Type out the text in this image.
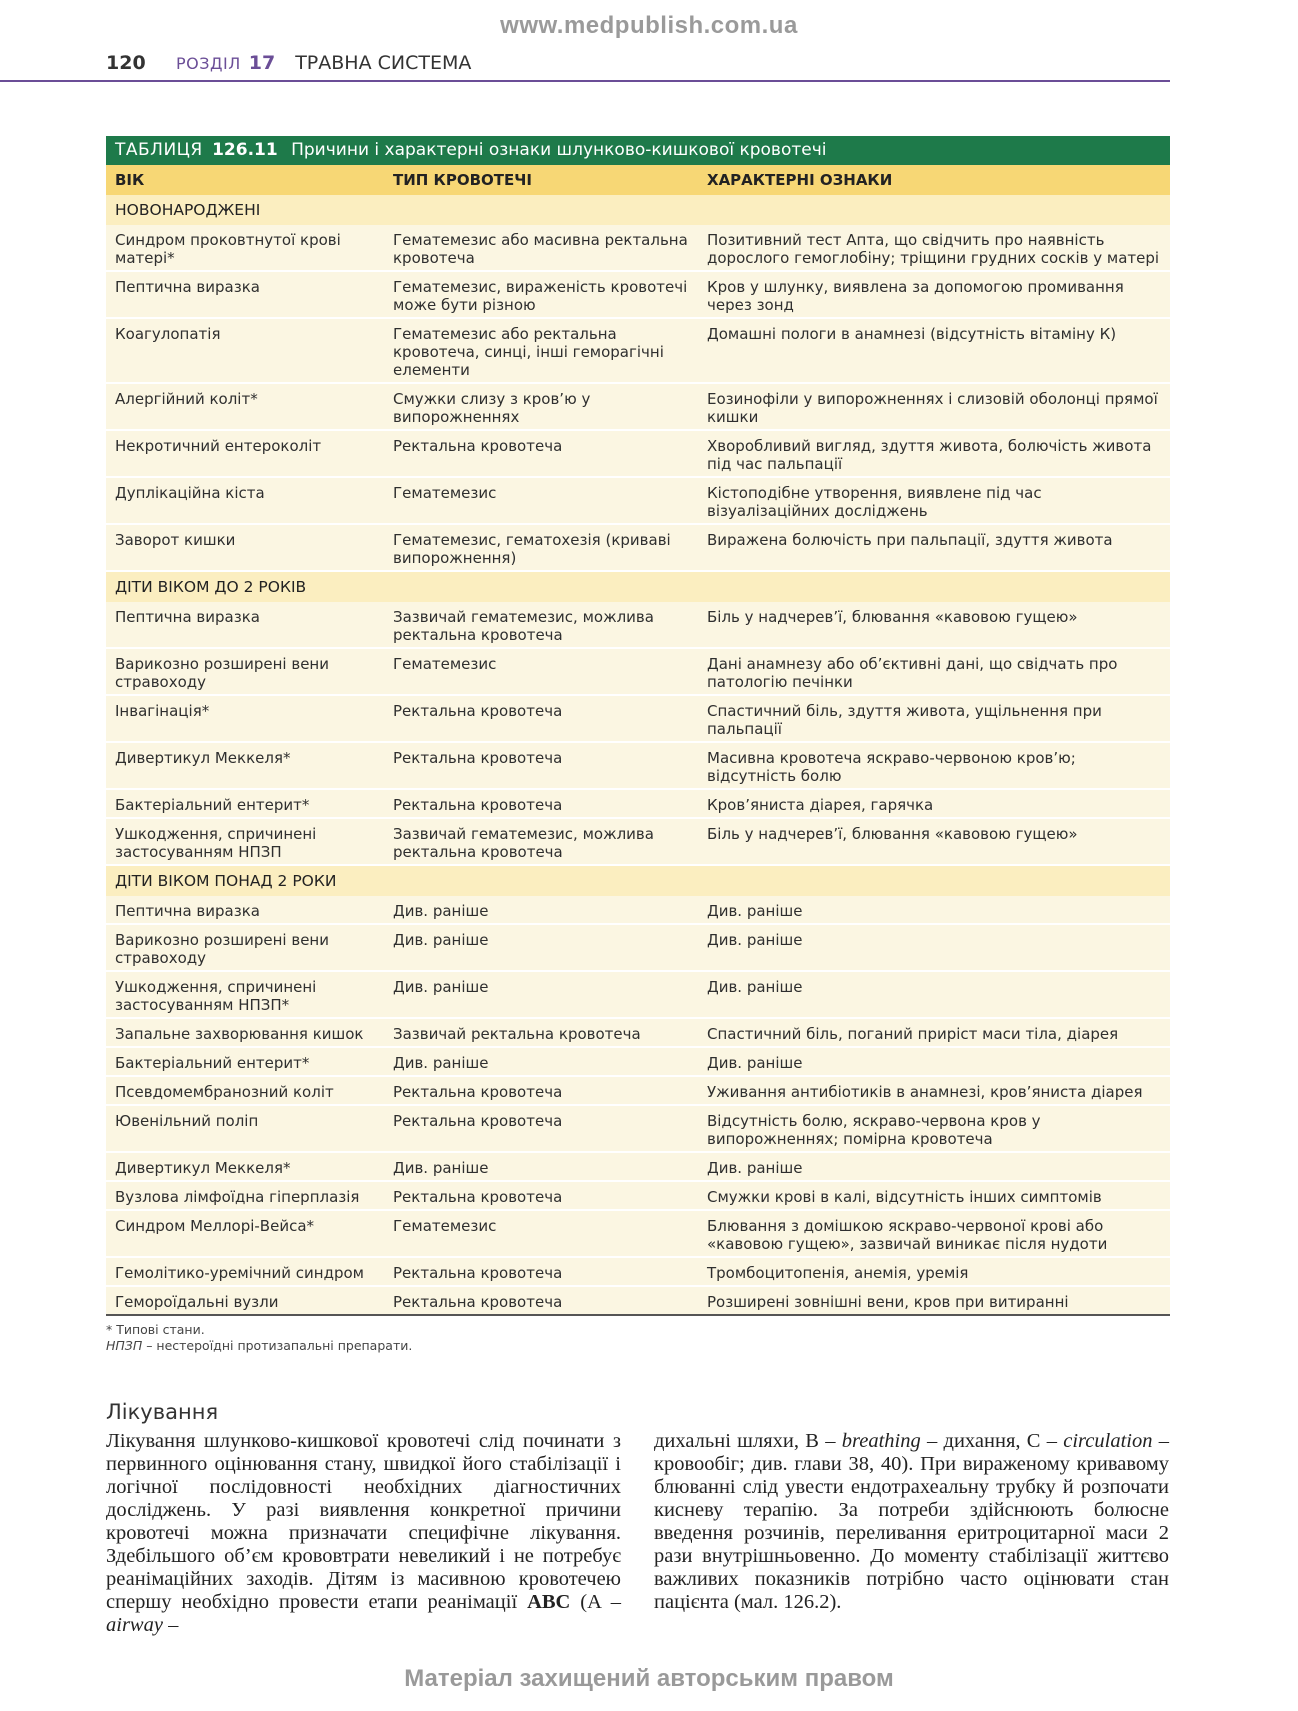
www.medpublish.com.ua
120	РОЗДІЛ 17 ТРАВНА СИСТЕМА
ТАБЛИЦЯ 126.11 Причини і характерні ознаки шлунково-кишкової кровотечі		
ВІК	ТИП КРОВОТЕЧІ	ХАРАКТЕРНІ ОЗНАКИ
НОВОНАРОДЖЕНІ		
Синдром проковтнутої крові матері*	Гематемезис або масивна ректальна кровотеча	Позитивний тест Апта, що свідчить про наявність дорослого гемоглобіну; тріщини грудних сосків у матері
Пептична виразка	Гематемезис, вираженість кровотечі може бути різною	Кров у шлунку, виявлена за допомогою промивання через зонд
Коагулопатія	Гематемезис або ректальна кровотеча, синці, інші геморагічні елементи	Домашні пологи в анамнезі (відсутність вітаміну К)
Алергійний коліт*	Смужки слизу з кров’ю у випорожненнях	Еозинофіли у випорожненнях і слизовій оболонці прямої кишки
Некротичний ентероколіт	Ректальна кровотеча	Хворобливий вигляд, здуття живота, болючість живота під час пальпації
Дуплікаційна кіста	Гематемезис	Кістоподібне утворення, виявлене під час візуалізаційних досліджень
Заворот кишки	Гематемезис, гематохезія (криваві випорожнення)	Виражена болючість при пальпації, здуття живота
ДІТИ ВІКОМ ДО 2 РОКІВ		
Пептична виразка	Зазвичай гематемезис, можлива ректальна кровотеча	Біль у надчерев’ї, блювання «кавовою гущею»
Варикозно розширені вени стравоходу	Гематемезис	Дані анамнезу або об’єктивні дані, що свідчать про патологію печінки
Інвагінація*	Ректальна кровотеча	Спастичний біль, здуття живота, ущільнення при пальпації
Дивертикул Меккеля*	Ректальна кровотеча	Масивна кровотеча яскраво-червоною кров’ю; відсутність болю
Бактеріальний ентерит*	Ректальна кровотеча	Кров’яниста діарея, гарячка
Ушкодження, спричинені застосуванням НПЗП	Зазвичай гематемезис, можлива ректальна кровотеча	Біль у надчерев’ї, блювання «кавовою гущею»
ДІТИ ВІКОМ ПОНАД 2 РОКИ		
Пептична виразка	Див. раніше	Див. раніше
Варикозно розширені вени стравоходу	Див. раніше	Див. раніше
Ушкодження, спричинені застосуванням НПЗП*	Див. раніше	Див. раніше
Запальне захворювання кишок	Зазвичай ректальна кровотеча	Спастичний біль, поганий приріст маси тіла, діарея
Бактеріальний ентерит*	Див. раніше	Див. раніше
Псевдомембранозний коліт	Ректальна кровотеча	Уживання антибіотиків в анамнезі, кров’яниста діарея
Ювенільний поліп	Ректальна кровотеча	Відсутність болю, яскраво-червона кров у випорожненнях; помірна кровотеча
Дивертикул Меккеля*	Див. раніше	Див. раніше
Вузлова лімфоїдна гіперплазія	Ректальна кровотеча	Смужки крові в калі, відсутність інших симптомів
Синдром Меллорі-Вейса*	Гематемезис	Блювання з домішкою яскраво-червоної крові або «кавовою гущею», зазвичай виникає після нудоти
Гемолітико-уремічний синдром	Ректальна кровотеча	Тромбоцитопенія, анемія, уремія
Геморoїдальні вузли	Ректальна кровотеча	Розширені зовнішні вени, кров при витиранні
* Типові стани.
НПЗП – нестероїдні протизапальні препарати.
Лікування
Лікування шлунково-кишкової кровотечі слід починати з первинного оцінювання стану, швидкої його стабілізації і логічної послідовності необхідних діагностичних досліджень. У разі виявлення конкретної причини кровотечі можна призначати специфічне лікування. Здебільшого об’єм крововтрати невеликий і не потребує реанімаційних заходів. Дітям із масивною кровотечею спершу необхідно провести етапи реанімації ABC (A – airway –
дихальні шляхи, B – breathing – дихання, C – circulation – кровообіг; див. глави 38, 40). При вираженому кривавому блюванні слід увести ендотрахеальну трубку й розпочати кисневу терапію. За потреби здійснюють болюсне введення розчинів, переливання еритроцитарної маси 2 рази внутрішньовенно. До моменту стабілізації життєво важливих показників потрібно часто оцінювати стан пацієнта (мал. 126.2).
Матеріал захищений авторським правом
